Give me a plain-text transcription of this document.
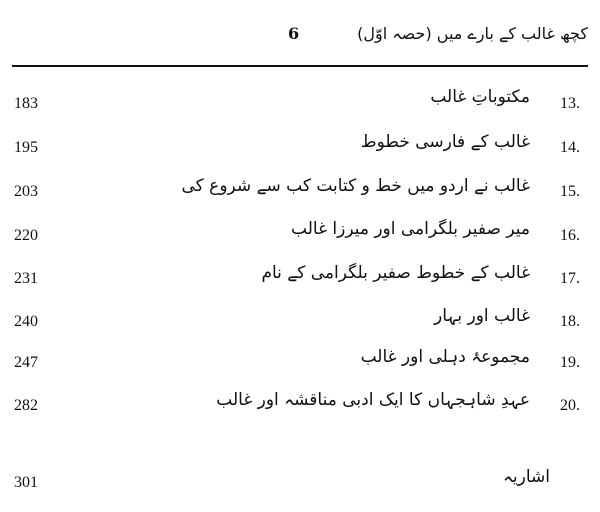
6	کچھ غالب کے بارے میں (حصہ اوّل)
183	مکتوباتِ غالب 13.
195	غالب کے فارسی خطوط 14.
203	غالب نے اردو میں خط و کتابت کب سے شروع کی 15.
220	میر صفیر بلگرامی اور میرزا غالب 16.
231	غالب کے خطوط صفیر بلگرامی کے نام 17.
240	غالب اور بہار 18.
247	مجموعۂ دہلی اور غالب 19.
282	عہدِ شاہجہاں کا ایک ادبی مناقشہ اور غالب 20.
301	اشاریہ
